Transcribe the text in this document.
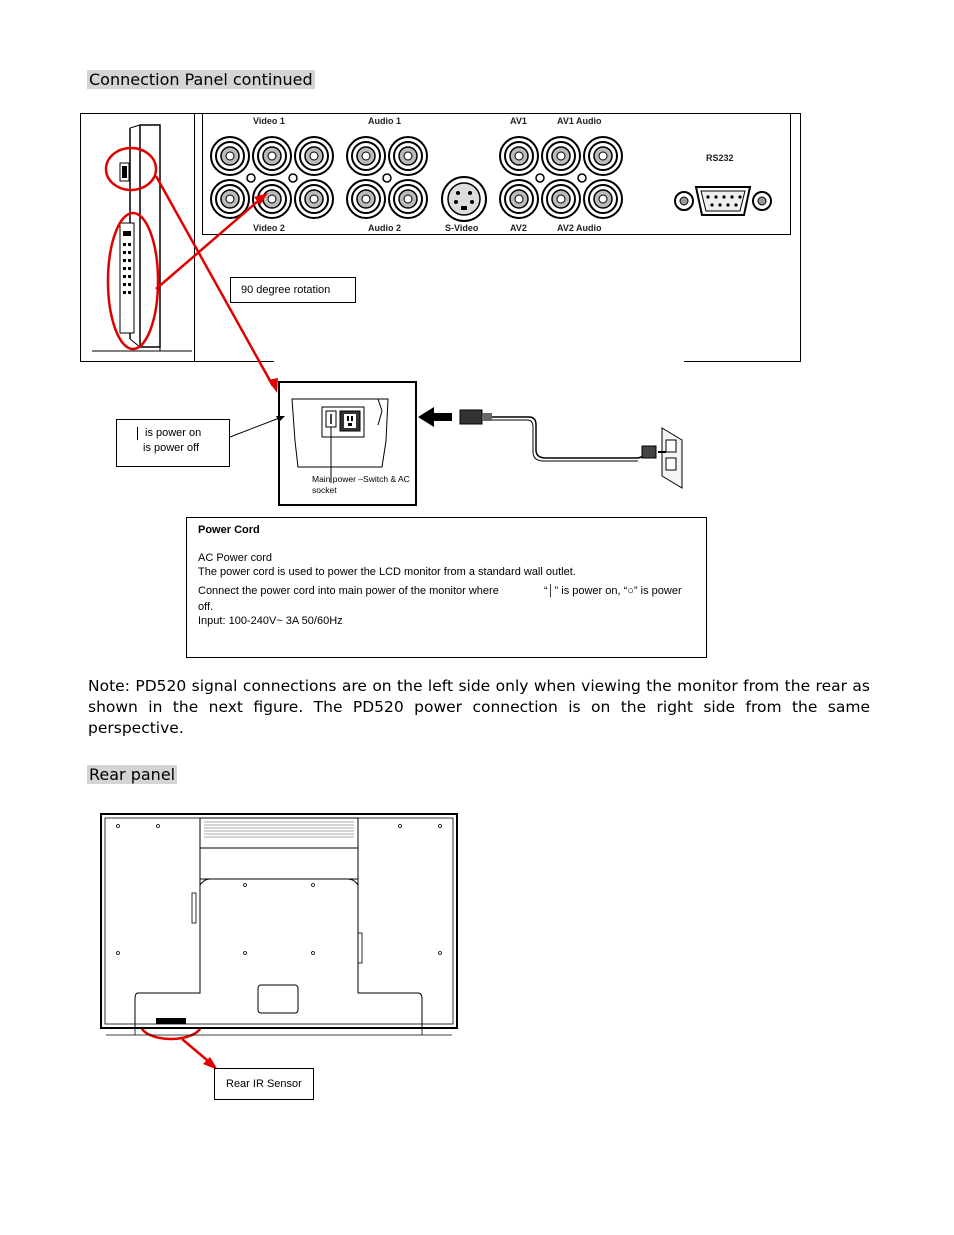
Connection Panel continued
Video 1	Audio 1	AV1	AV1 Audio
RS232
Video 2	Audio 2	S-Video	AV2	AV2 Audio
90 degree rotation
Main power –Switch & AC socket
is power on
is power off
Power Cord
AC Power cord
The power cord is used to power the LCD monitor from a standard wall outlet.
Connect the power cord into main power of the monitor where	“│” is power on, “○” is power
off.
Input: 100-240V~ 3A 50/60Hz
Note: PD520 signal connections are on the left side only when viewing the monitor from the rear as shown in the next figure. The PD520 power connection is on the right side from the same perspective.
Rear panel
Rear IR Sensor
